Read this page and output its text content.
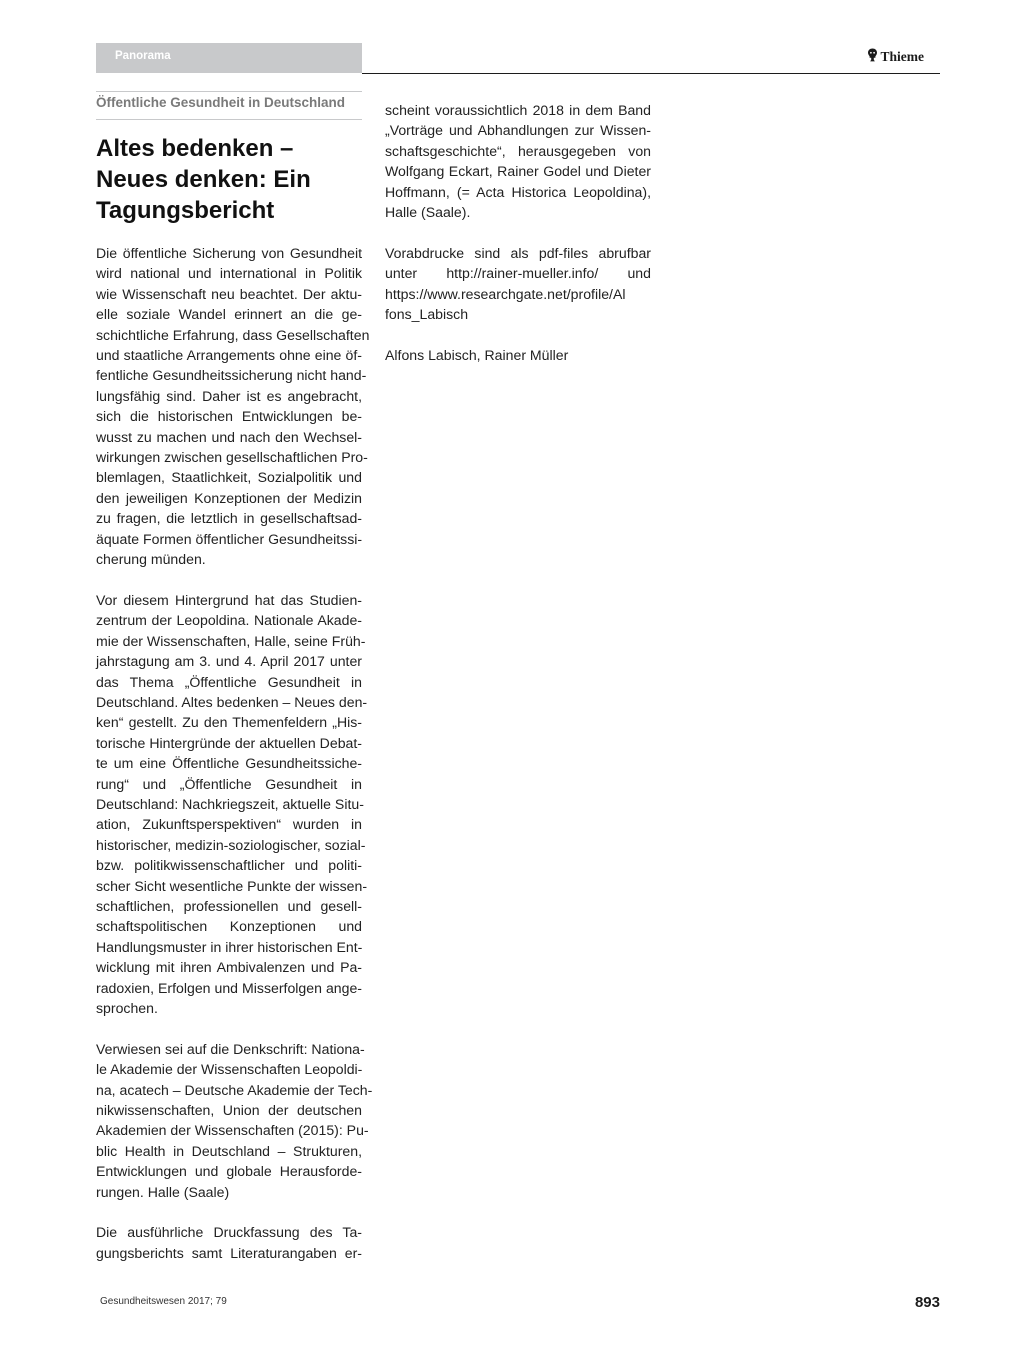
Panorama	Thieme
Öffentliche Gesundheit in Deutschland
Altes bedenken –
Neues denken: Ein
Tagungsbericht

Die öffentliche Sicherung von Gesundheit
wird national und international in Politik
wie Wissenschaft neu beachtet. Der aktu-
elle soziale Wandel erinnert an die ge-
schichtliche Erfahrung, dass Gesellschaften
und staatliche Arrangements ohne eine öf-
fentliche Gesundheitssicherung nicht hand-
lungsfähig sind. Daher ist es angebracht,
sich die historischen Entwicklungen be-
wusst zu machen und nach den Wechsel-
wirkungen zwischen gesellschaftlichen Pro-
blemlagen, Staatlichkeit, Sozialpolitik und
den jeweiligen Konzeptionen der Medizin
zu fragen, die letztlich in gesellschaftsad-
äquate Formen öffentlicher Gesundheitssi-
cherung münden.

Vor diesem Hintergrund hat das Studien-
zentrum der Leopoldina. Nationale Akade-
mie der Wissenschaften, Halle, seine Früh-
jahrstagung am 3. und 4. April 2017 unter
das Thema „Öffentliche Gesundheit in
Deutschland. Altes bedenken – Neues den-
ken“ gestellt. Zu den Themenfeldern „His-
torische Hintergründe der aktuellen Debat-
te um eine Öffentliche Gesundheitssiche-
rung“ und „Öffentliche Gesundheit in
Deutschland: Nachkriegszeit, aktuelle Situ-
ation, Zukunftsperspektiven“ wurden in
historischer, medizin-soziologischer, sozial-
bzw. politikwissenschaftlicher und politi-
scher Sicht wesentliche Punkte der wissen-
schaftlichen, professionellen und gesell-
schaftspolitischen Konzeptionen und
Handlungsmuster in ihrer historischen Ent-
wicklung mit ihren Ambivalenzen und Pa-
radoxien, Erfolgen und Misserfolgen ange-
sprochen.

Verwiesen sei auf die Denkschrift: Nationa-
le Akademie der Wissenschaften Leopoldi-
na, acatech – Deutsche Akademie der Tech-
nikwissenschaften, Union der deutschen
Akademien der Wissenschaften (2015): Pu-
blic Health in Deutschland – Strukturen,
Entwicklungen und globale Herausforde-
rungen. Halle (Saale)

Die ausführliche Druckfassung des Ta-
gungsberichts samt Literaturangaben er-

scheint voraussichtlich 2018 in dem Band
„Vorträge und Abhandlungen zur Wissen-
schaftsgeschichte“, herausgegeben von
Wolfgang Eckart, Rainer Godel und Dieter
Hoffmann, (= Acta Historica Leopoldina),
Halle (Saale).

Vorabdrucke sind als pdf-files abrufbar
unter http://rainer-mueller.info/ und
https://www.researchgate.net/profile/Al
fons_Labisch

Alfons Labisch, Rainer Müller

Gesundheitswesen 2017; 79	893
